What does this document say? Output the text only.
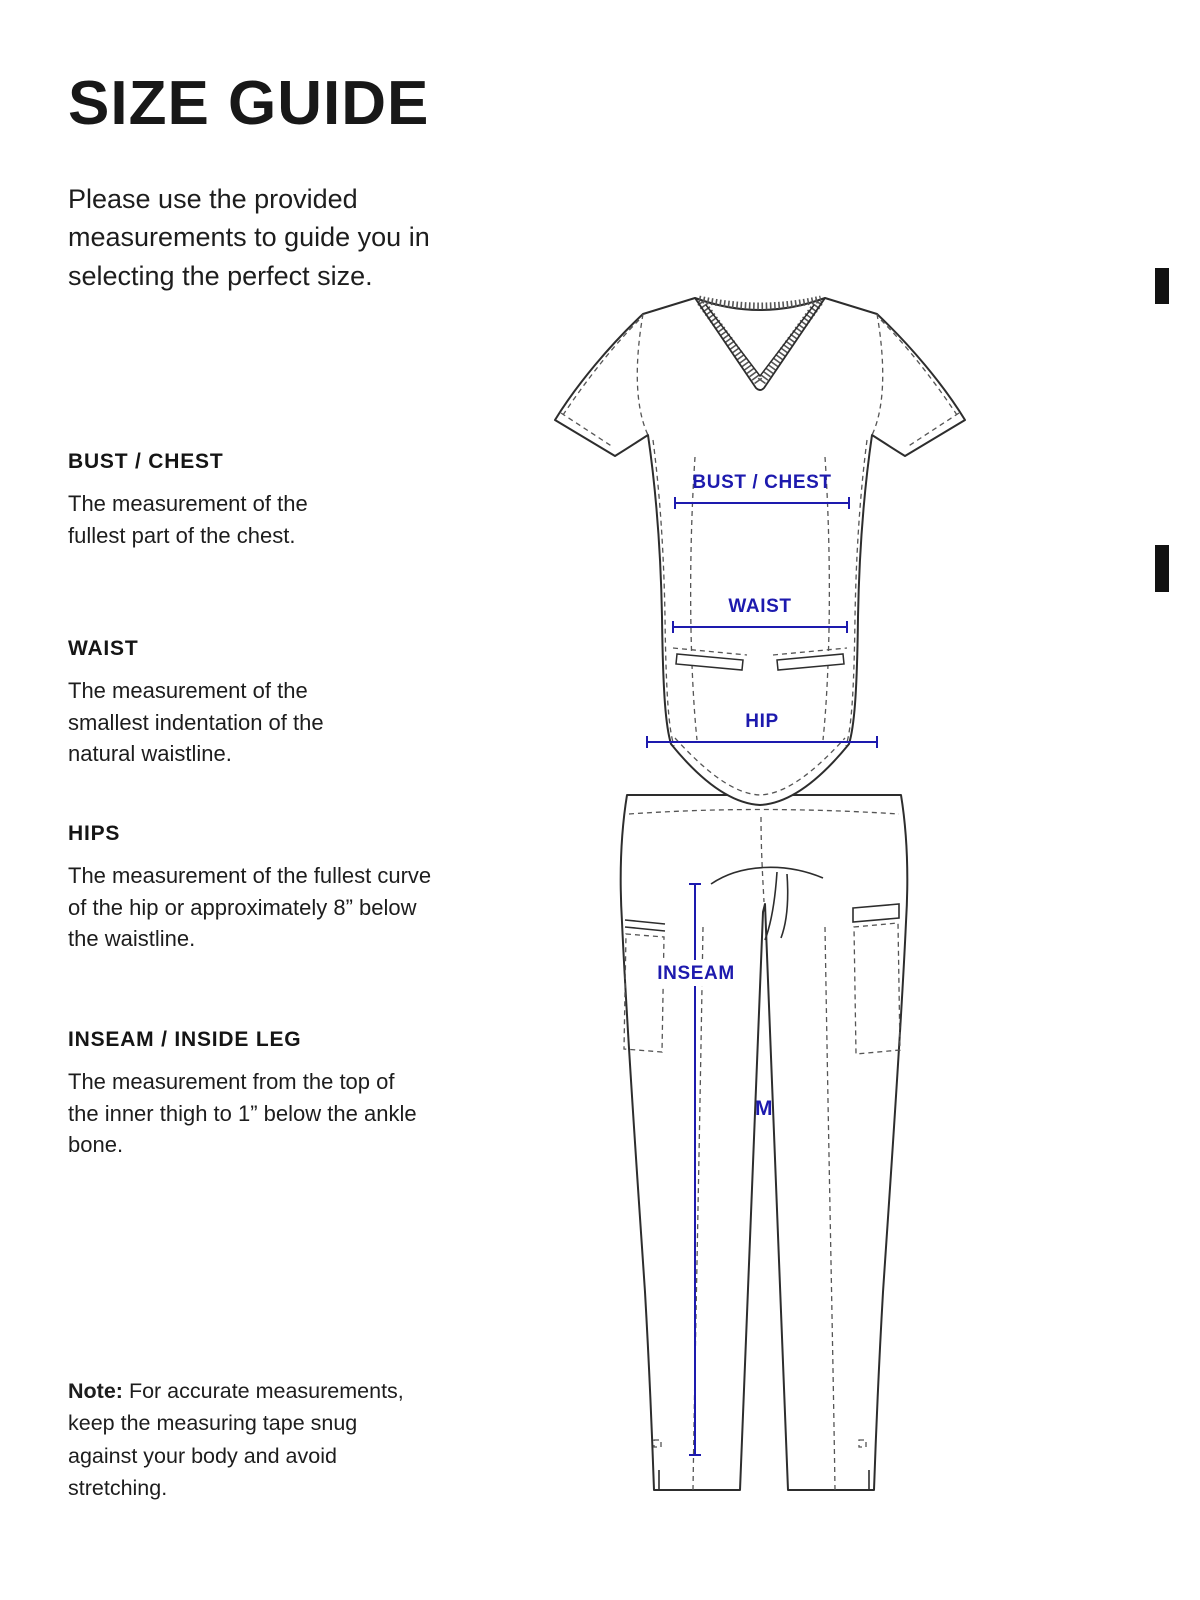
SIZE GUIDE
Please use the provided measurements to guide you in selecting the perfect size.
BUST / CHEST
The measurement of the fullest part of the chest.
WAIST
The measurement of the smallest indentation of the natural waistline.
HIPS
The measurement of the fullest curve of the hip or approximately 8” below the waistline.
INSEAM / INSIDE LEG
The measurement from the top of the inner thigh to 1” below the ankle bone.
Note: For accurate measurements, keep the measuring tape snug against your body and avoid stretching.
BUST / CHEST
WAIST
HIP
INSEAM
M
